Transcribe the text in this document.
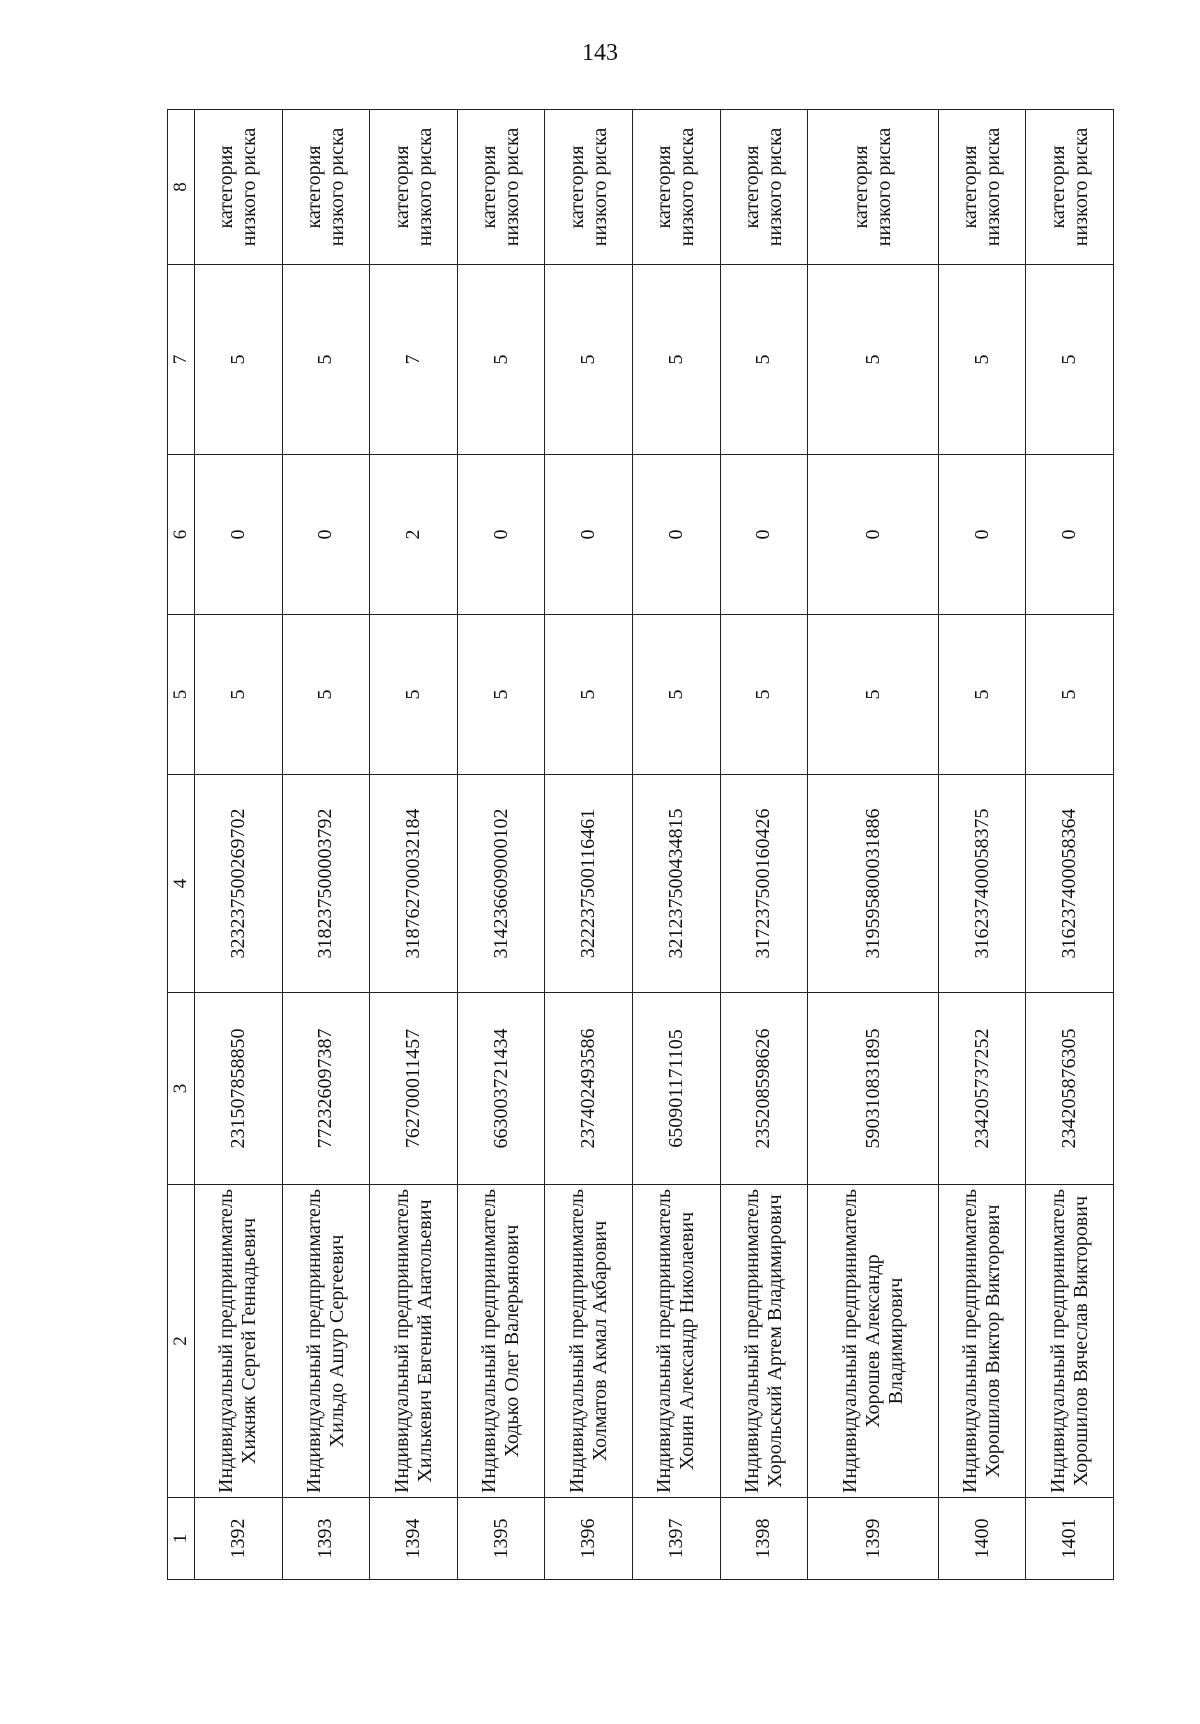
143
1	2	3	4	5	6	7	8
1392	Индивидуальный предприниматель Хижняк Сергей Геннадьевич	231507858850	323237500269702	5	0	5	категория низкого риска
1393	Индивидуальный предприниматель Хильдо Ашур Сергеевич	772326097387	318237500003792	5	0	5	категория низкого риска
1394	Индивидуальный предприниматель Хилькевич Евгений Анатольевич	762700011457	318762700032184	5	2	7	категория низкого риска
1395	Индивидуальный предприниматель Ходько Олег Валерьянович	663003721434	314236609000102	5	0	5	категория низкого риска
1396	Индивидуальный предприниматель Холматов Акмал Акбарович	237402493586	322237500116461	5	0	5	категория низкого риска
1397	Индивидуальный предприниматель Хонин Александр Николаевич	650901171105	321237500434815	5	0	5	категория низкого риска
1398	Индивидуальный предприниматель Хорольский Артем Владимирович	235208598626	317237500160426	5	0	5	категория низкого риска
1399	Индивидуальный предприниматель Хорошев Александр Владимирович	590310831895	319595800031886	5	0	5	категория низкого риска
1400	Индивидуальный предприниматель Хорошилов Виктор Викторович	234205737252	316237400058375	5	0	5	категория низкого риска
1401	Индивидуальный предприниматель Хорошилов Вячеслав Викторович	234205876305	316237400058364	5	0	5	категория низкого риска
